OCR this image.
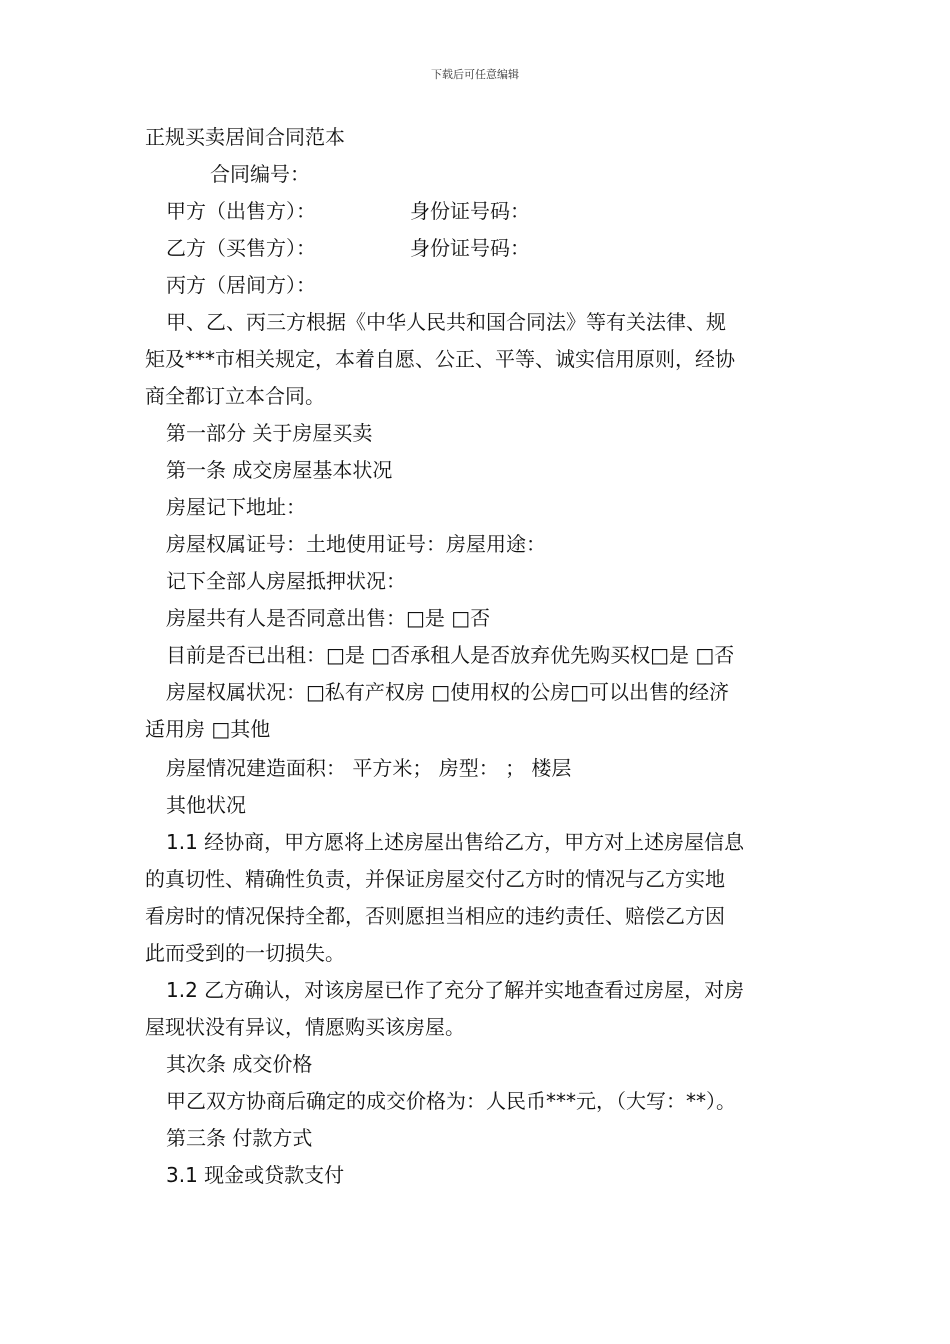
下载后可任意编辑
正规买卖居间合同范本
合同编号：
甲方（出售方）：	身份证号码：
乙方（买售方）：	身份证号码：
丙方（居间方）：
甲、乙、丙三方根据《中华人民共和国合同法》等有关法律、规
矩及***市相关规定，本着自愿、公正、平等、诚实信用原则，经协
商全都订立本合同。
第一部分 关于房屋买卖
第一条 成交房屋基本状况
房屋记下地址：
房屋权属证号：土地使用证号：房屋用途：
记下全部人房屋抵押状况：
房屋共有人是否同意出售：□是 □否
目前是否已出租：□是 □否承租人是否放弃优先购买权□是 □否
房屋权属状况：□私有产权房 □使用权的公房□可以出售的经济
适用房 □其他
房屋情况建造面积： 平方米； 房型： ； 楼层
其他状况
1.1 经协商，甲方愿将上述房屋出售给乙方，甲方对上述房屋信息
的真切性、精确性负责，并保证房屋交付乙方时的情况与乙方实地
看房时的情况保持全都，否则愿担当相应的违约责任、赔偿乙方因
此而受到的一切损失。
1.2 乙方确认，对该房屋已作了充分了解并实地查看过房屋，对房
屋现状没有异议，情愿购买该房屋。
其次条 成交价格
甲乙双方协商后确定的成交价格为：人民币***元，（大写：**）。
第三条 付款方式
3.1 现金或贷款支付
